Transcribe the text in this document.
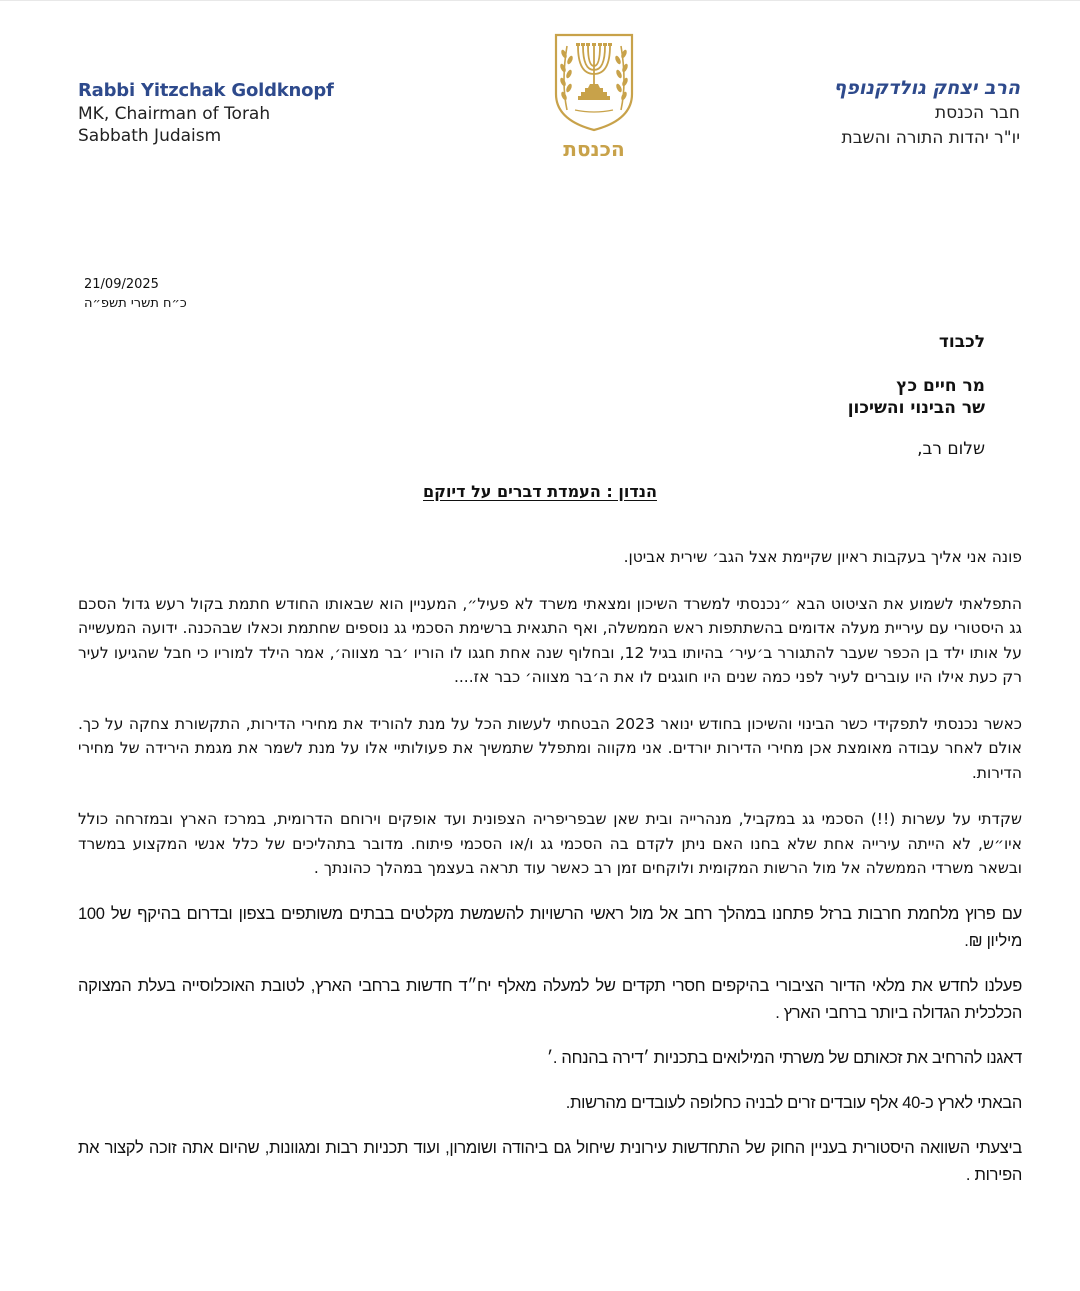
Rabbi Yitzchak Goldknopf
MK, Chairman of Torah
Sabbath Judaism
הכנסת
הרב יצחק גולדקנופף
חבר הכנסת
יו"ר יהדות התורה והשבת
21/09/2025
כ״ח תשרי תשפ״ה
לכבוד
מר חיים כץ
שר הבינוי והשיכון
שלום רב,
הנדון : העמדת דברים על דיוקם

פונה אני אליך בעקבות ראיון שקיימת אצל הגב׳ שירית אביטן.

התפלאתי לשמוע את הציטוט הבא ״נכנסתי למשרד השיכון ומצאתי משרד לא פעיל״, המעניין הוא שבאותו החודש חתמת בקול רעש גדול הסכם גג היסטורי עם עיריית מעלה אדומים בהשתתפות ראש הממשלה, ואף התגאית ברשימת הסכמי גג נוספים שחתמת וכאלו שבהכנה. ידועה המעשייה על אותו ילד בן הכפר שעבר להתגורר ב׳עיר׳ בהיותו בגיל 12, ובחלוף שנה אחת חגגו לו הוריו ׳בר מצווה׳, אמר הילד למוריו כי חבל שהגיעו לעיר רק כעת אילו היו עוברים לעיר לפני כמה שנים היו חוגגים לו את ה׳בר מצווה׳ כבר אז....

כאשר נכנסתי לתפקידי כשר הבינוי והשיכון בחודש ינואר 2023 הבטחתי לעשות הכל על מנת להוריד את מחירי הדירות, התקשורת צחקה על כך. אולם לאחר עבודה מאומצת אכן מחירי הדירות יורדים. אני מקווה ומתפלל שתמשיך את פעולותיי אלו על מנת לשמר את מגמת הירידה של מחירי הדירות.

שקדתי על עשרות (!!) הסכמי גג במקביל, מנהרייה ובית שאן שבפריפריה הצפונית ועד אופקים וירוחם הדרומית, במרכז הארץ ובמזרחה כולל איו״ש, לא הייתה עירייה אחת שלא בחנו האם ניתן לקדם בה הסכמי גג ו/או הסכמי פיתוח. מדובר בתהליכים של כלל אנשי המקצוע במשרד ובשאר משרדי הממשלה אל מול הרשות המקומית ולוקחים זמן רב כאשר עוד תראה בעצמך במהלך כהונתך .

עם פרוץ מלחמת חרבות ברזל פתחנו במהלך רחב אל מול ראשי הרשויות להשמשת מקלטים בבתים משותפים בצפון ובדרום בהיקף של 100 מיליון ₪.

פעלנו לחדש את מלאי הדיור הציבורי בהיקפים חסרי תקדים של למעלה מאלף יח״ד חדשות ברחבי הארץ, לטובת האוכלוסייה בעלת המצוקה הכלכלית הגדולה ביותר ברחבי הארץ .

דאגנו להרחיב את זכאותם של משרתי המילואים בתכניות ׳דירה בהנחה .׳

הבאתי לארץ כ-40 אלף עובדים זרים לבניה כחלופה לעובדים מהרשות.

ביצעתי השוואה היסטורית בעניין החוק של התחדשות עירונית שיחול גם ביהודה ושומרון, ועוד תכניות רבות ומגוונות, שהיום אתה זוכה לקצור את הפירות .
